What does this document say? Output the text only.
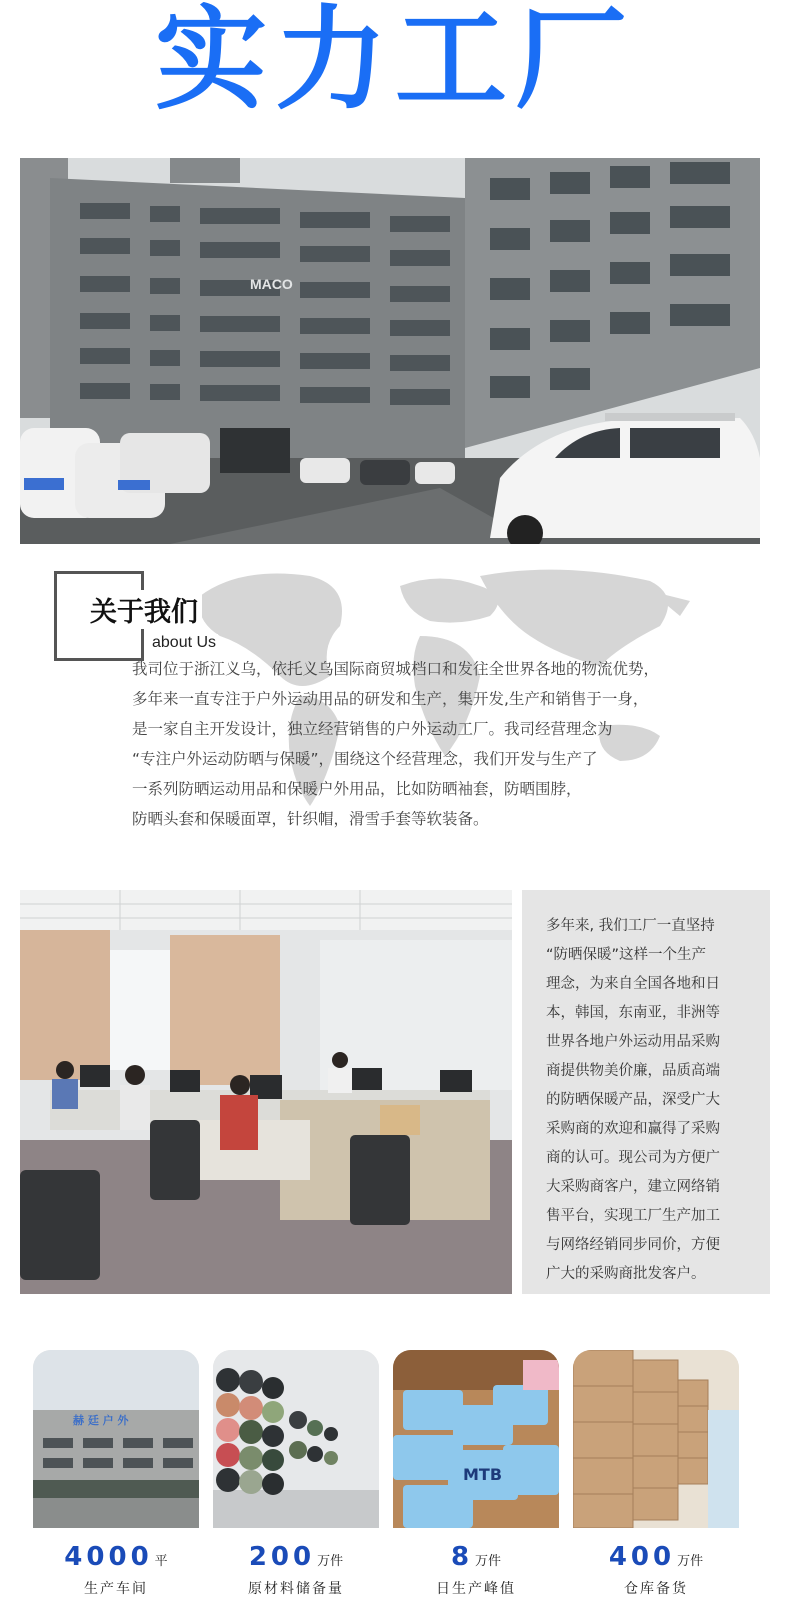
实力工厂
MACO
关于我们
about Us
我司位于浙江义乌，依托义乌国际商贸城档口和发往全世界各地的物流优势，
多年来一直专注于户外运动用品的研发和生产，集开发,生产和销售于一身，
是一家自主开发设计，独立经营销售的户外运动工厂。我司经营理念为
“专注户外运动防晒与保暖”，围绕这个经营理念，我们开发与生产了
一系列防晒运动用品和保暖户外用品，比如防晒袖套，防晒围脖，
防晒头套和保暖面罩，针织帽，滑雪手套等软装备。
多年来, 我们工厂一直坚持
“防晒保暖”这样一个生产
理念，为来自全国各地和日
本，韩国，东南亚，非洲等
世界各地户外运动用品采购
商提供物美价廉，品质高端
的防晒保暖产品，深受广大
采购商的欢迎和赢得了采购
商的认可。现公司为方便广
大采购商客户，建立网络销
售平台，实现工厂生产加工
与网络经销同步同价，方便
广大的采购商批发客户。
赫 廷 户 外
4000 平
生产车间
200 万件
原材料储备量
MTB
8 万件
日生产峰值
400 万件
仓库备货
